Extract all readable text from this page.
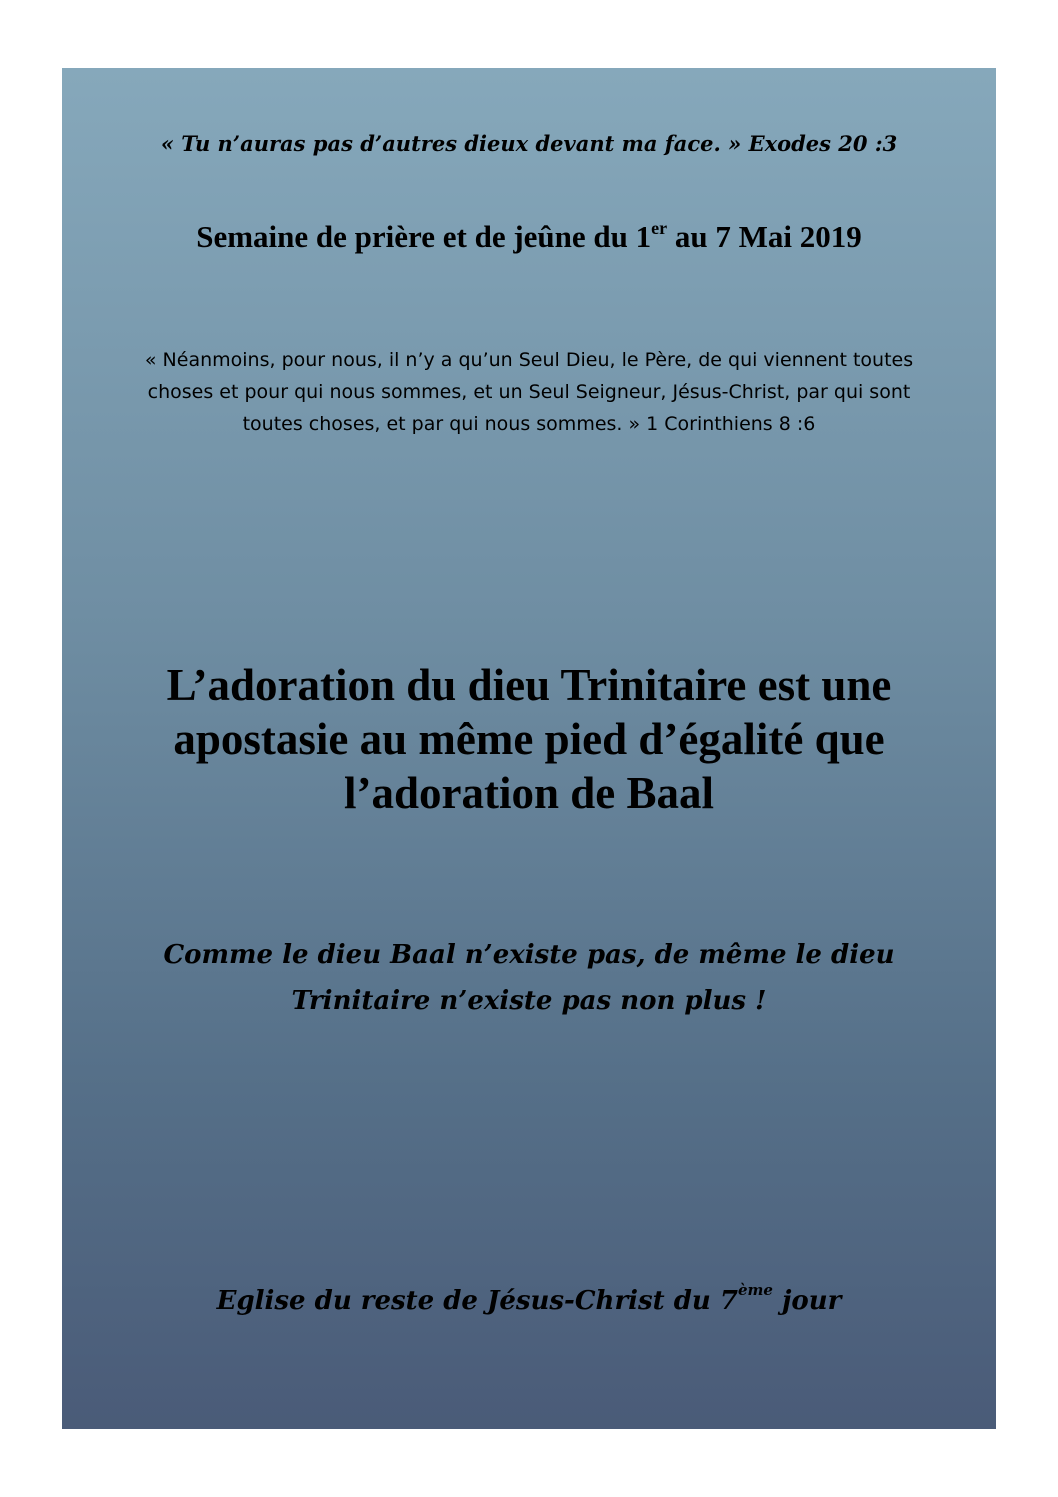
« Tu n’auras pas d’autres dieux devant ma face. » Exodes 20 :3

Semaine de prière et de jeûne du 1er au 7 Mai 2019

« Néanmoins, pour nous, il n’y a qu’un Seul Dieu, le Père, de qui viennent toutes choses et pour qui nous sommes, et un Seul Seigneur, Jésus-Christ, par qui sont toutes choses, et par qui nous sommes. » 1 Corinthiens 8 :6

L’adoration du dieu Trinitaire est une apostasie au même pied d’égalité que l’adoration de Baal

Comme le dieu Baal n’existe pas, de même le dieu Trinitaire n’existe pas non plus !

Eglise du reste de Jésus-Christ du 7ème jour
